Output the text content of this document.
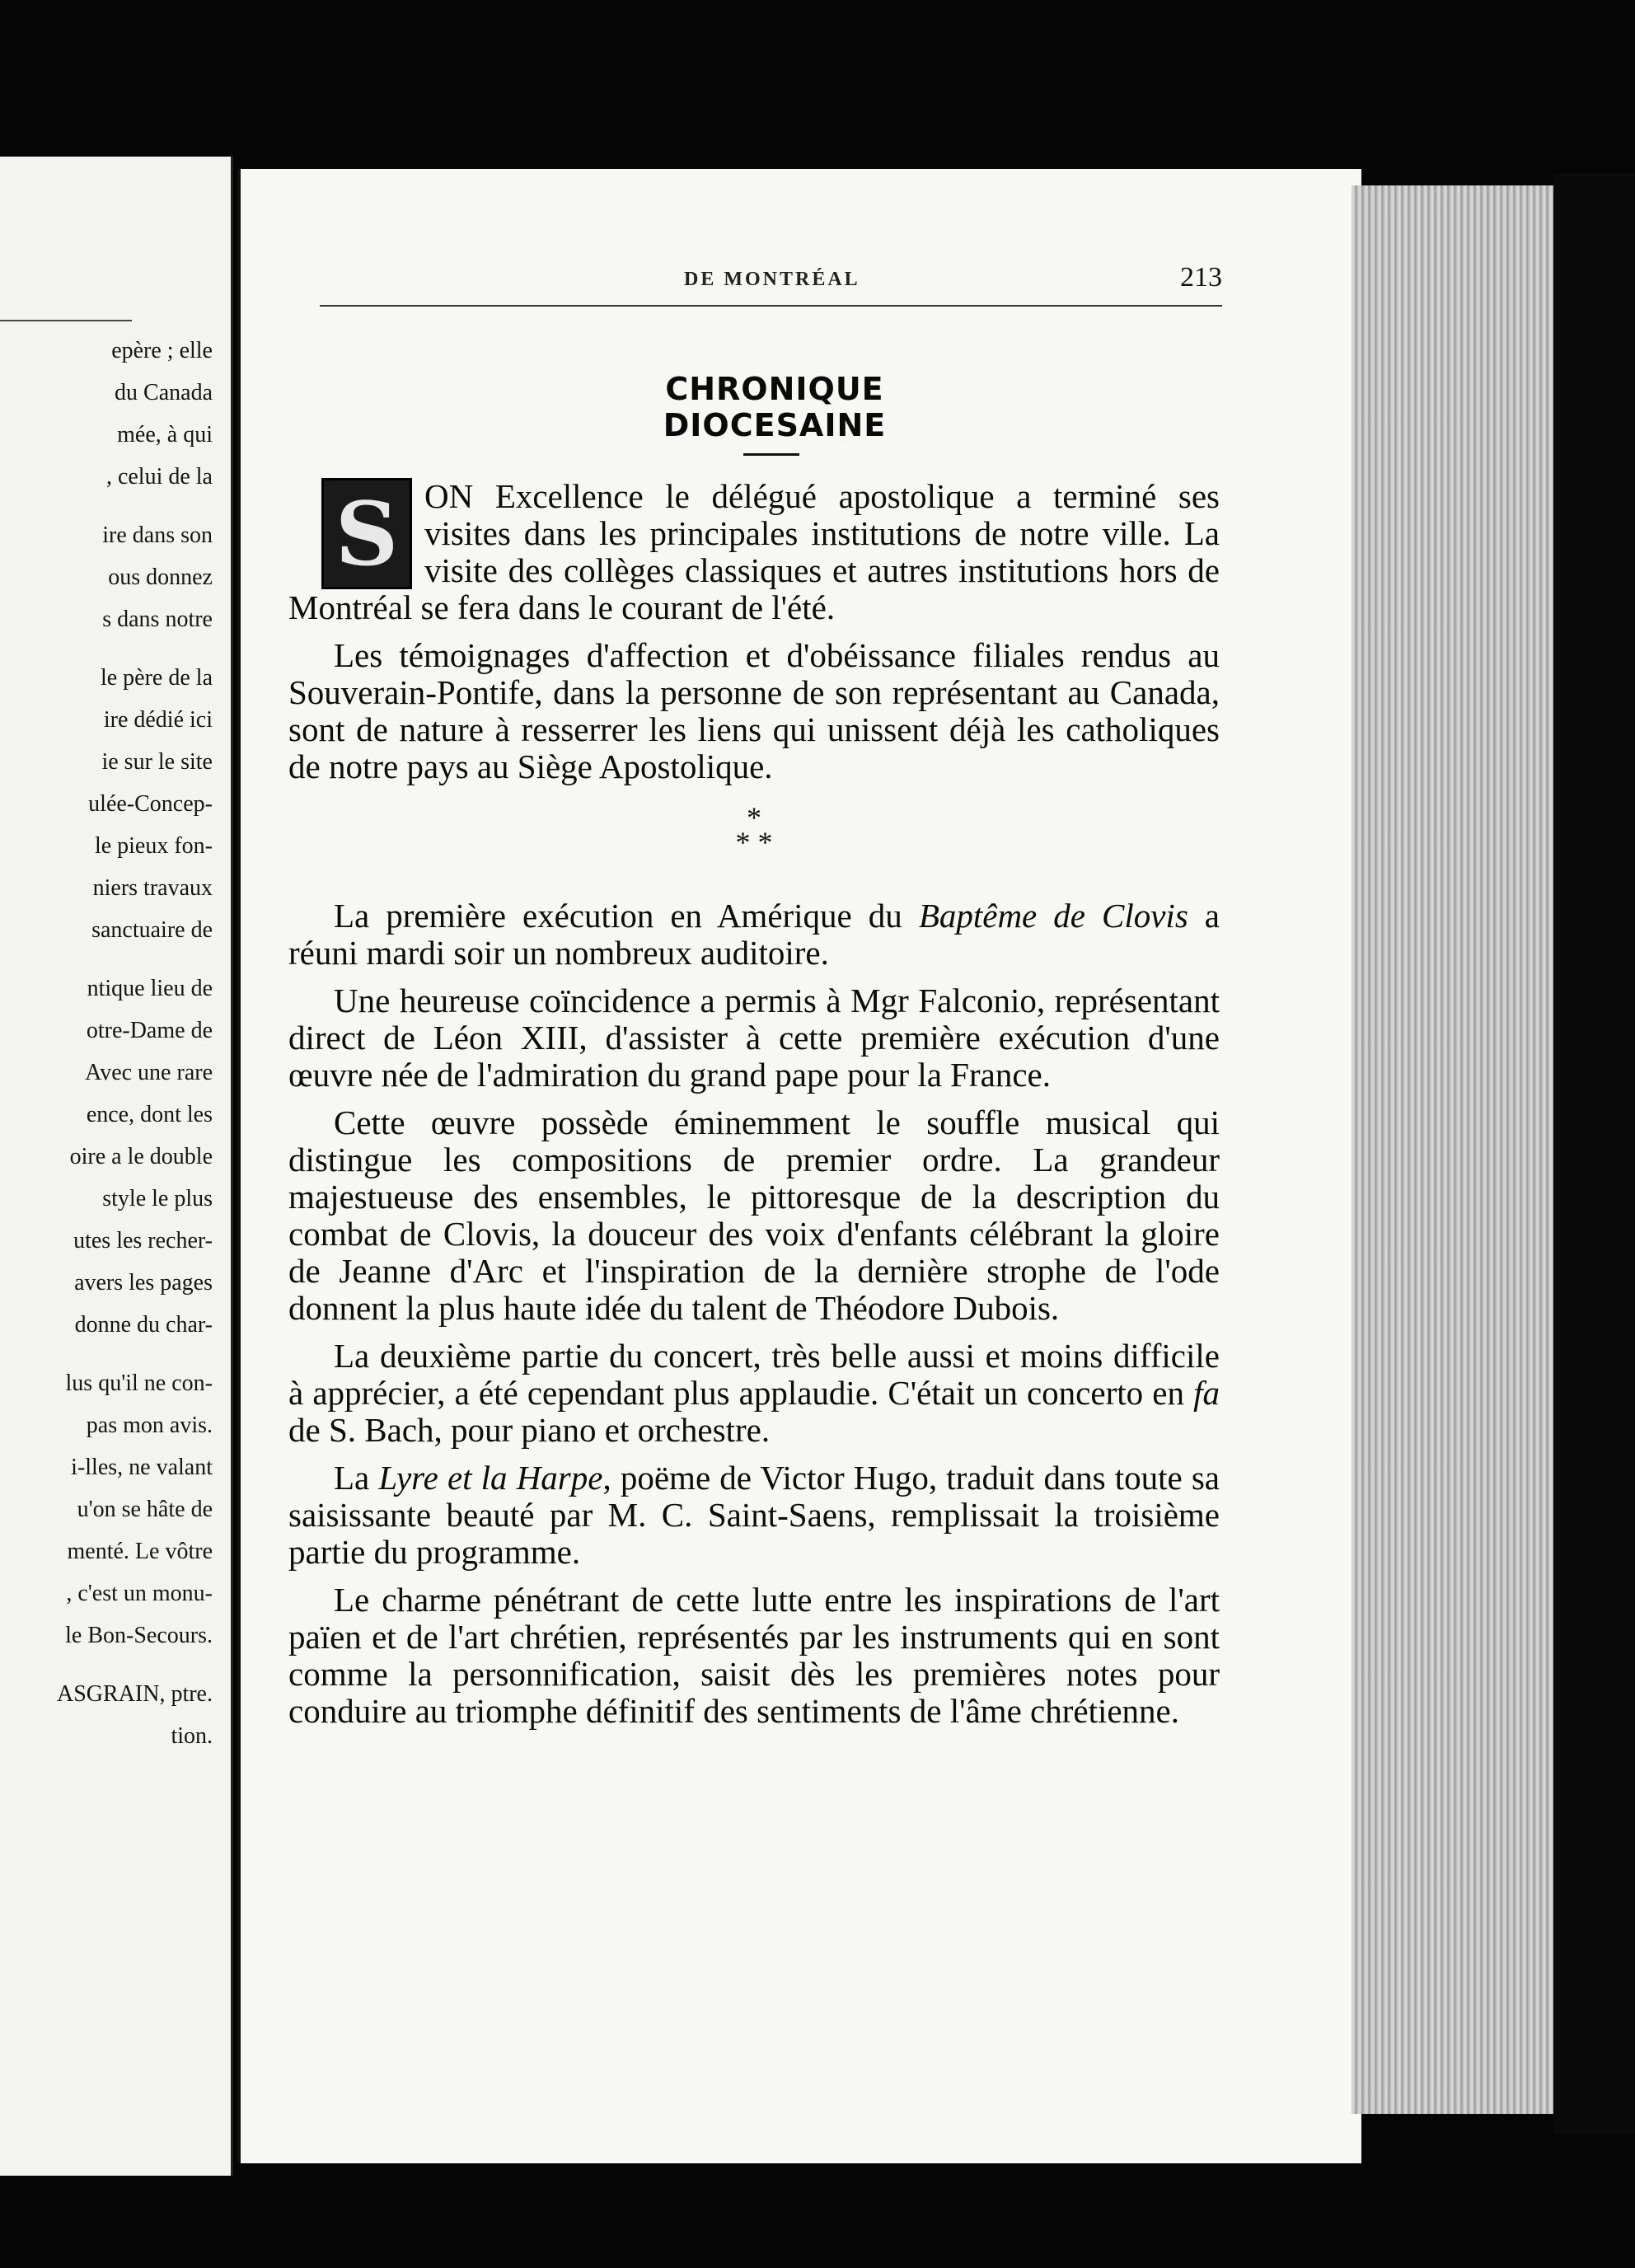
epère ; elle
du Canada
mée, à qui
, celui de la
ire dans son
ous donnez
s dans notre
le père de la
ire dédié ici
ie sur le site
ulée-Concep-
le pieux fon-
niers travaux
sanctuaire de
ntique lieu de
otre-Dame de
Avec une rare
ence, dont les
oire a le double
style le plus
utes les recher-
avers les pages
donne du char-
lus qu'il ne con-
pas mon avis.
i-lles, ne valant
u'on se hâte de
menté. Le vôtre
, c'est un monu-
le Bon-Secours.
ASGRAIN, ptre.
tion.
DE MONTRÉAL	213
CHRONIQUE DIOCESAINE

S ON Excellence le délégué apostolique a terminé ses visites dans les principales institutions de notre ville. La visite des collèges classiques et autres institutions hors de Montréal se fera dans le courant de l'été.

Les témoignages d'affection et d'obéissance filiales rendus au Souverain-Pontife, dans la personne de son représentant au Canada, sont de nature à resserrer les liens qui unissent déjà les catholiques de notre pays au Siège Apostolique.

*
* *

La première exécution en Amérique du Baptême de Clovis a réuni mardi soir un nombreux auditoire.

Une heureuse coïncidence a permis à Mgr Falconio, représentant direct de Léon XIII, d'assister à cette première exécution d'une œuvre née de l'admiration du grand pape pour la France.

Cette œuvre possède éminemment le souffle musical qui distingue les compositions de premier ordre. La grandeur majestueuse des ensembles, le pittoresque de la description du combat de Clovis, la douceur des voix d'enfants célébrant la gloire de Jeanne d'Arc et l'inspiration de la dernière strophe de l'ode donnent la plus haute idée du talent de Théodore Dubois.

La deuxième partie du concert, très belle aussi et moins difficile à apprécier, a été cependant plus applaudie. C'était un concerto en fa de S. Bach, pour piano et orchestre.

La Lyre et la Harpe, poëme de Victor Hugo, traduit dans toute sa saisissante beauté par M. C. Saint-Saens, remplissait la troisième partie du programme.

Le charme pénétrant de cette lutte entre les inspirations de l'art païen et de l'art chrétien, représentés par les instruments qui en sont comme la personnification, saisit dès les premières notes pour conduire au triomphe définitif des sentiments de l'âme chrétienne.
